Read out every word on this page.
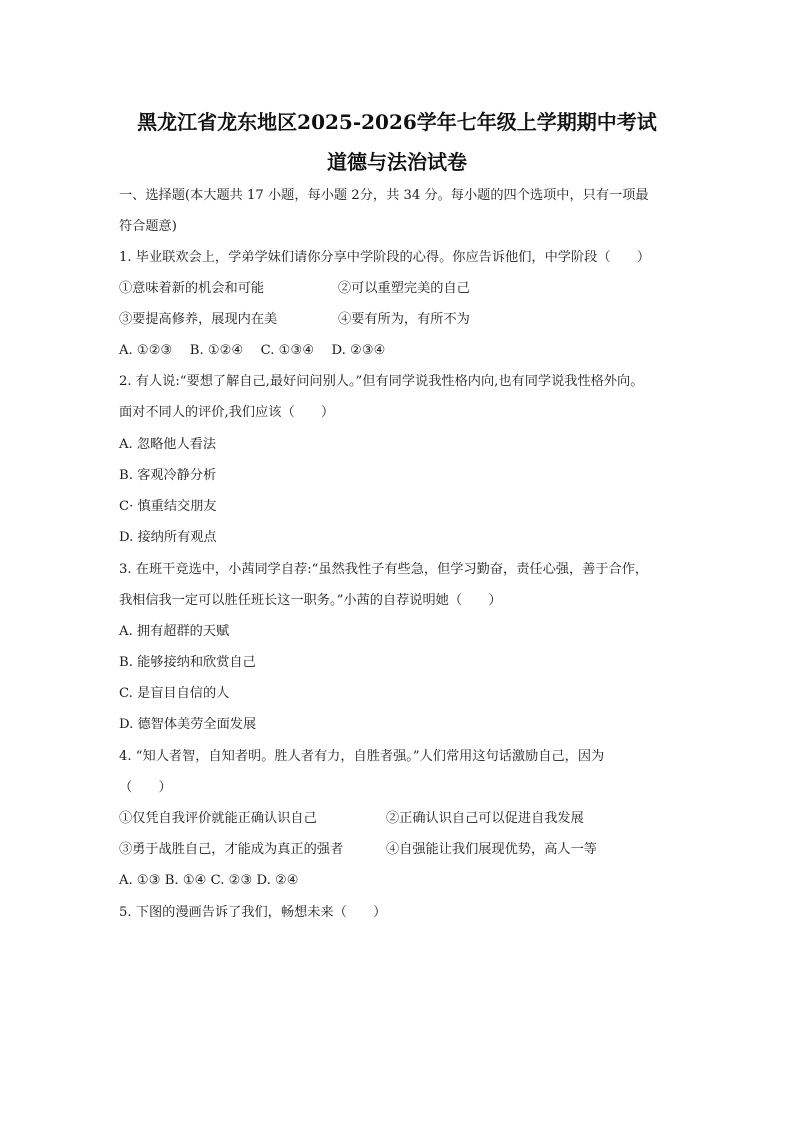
黑龙江省龙东地区2025-2026学年七年级上学期期中考试
道德与法治试卷
一、选择题(本大题共 17 小题，每小题 2分，共 34 分。每小题的四个选项中，只有一项最
符合题意)
1. 毕业联欢会上，学弟学妹们请你分享中学阶段的心得。你应告诉他们，中学阶段（　　）
①意味着新的机会和可能	②可以重塑完美的自己
③要提高修养，展现内在美	④要有所为，有所不为
A. ①②③　 B. ①②④　 C. ①③④　 D. ②③④
2. 有人说:“要想了解自己,最好问问别人。”但有同学说我性格内向,也有同学说我性格外向。
面对不同人的评价,我们应该（　　）
A. 忽略他人看法
B. 客观冷静分析
C· 慎重结交朋友
D. 接纳所有观点
3. 在班干竞选中，小茜同学自荐:“虽然我性子有些急，但学习勤奋，责任心强，善于合作，
我相信我一定可以胜任班长这一职务。”小茜的自荐说明她（　　）
A. 拥有超群的天赋
B. 能够接纳和欣赏自己
C. 是盲目自信的人
D. 德智体美劳全面发展
4. “知人者智，自知者明。胜人者有力，自胜者强。”人们常用这句话激励自己，因为
（　　）
①仅凭自我评价就能正确认识自己	②正确认识自己可以促进自我发展
③勇于战胜自己，才能成为真正的强者	④自强能让我们展现优势，高人一等
A. ①③ B. ①④ C. ②③ D. ②④
5. 下图的漫画告诉了我们，畅想未来（　　）
